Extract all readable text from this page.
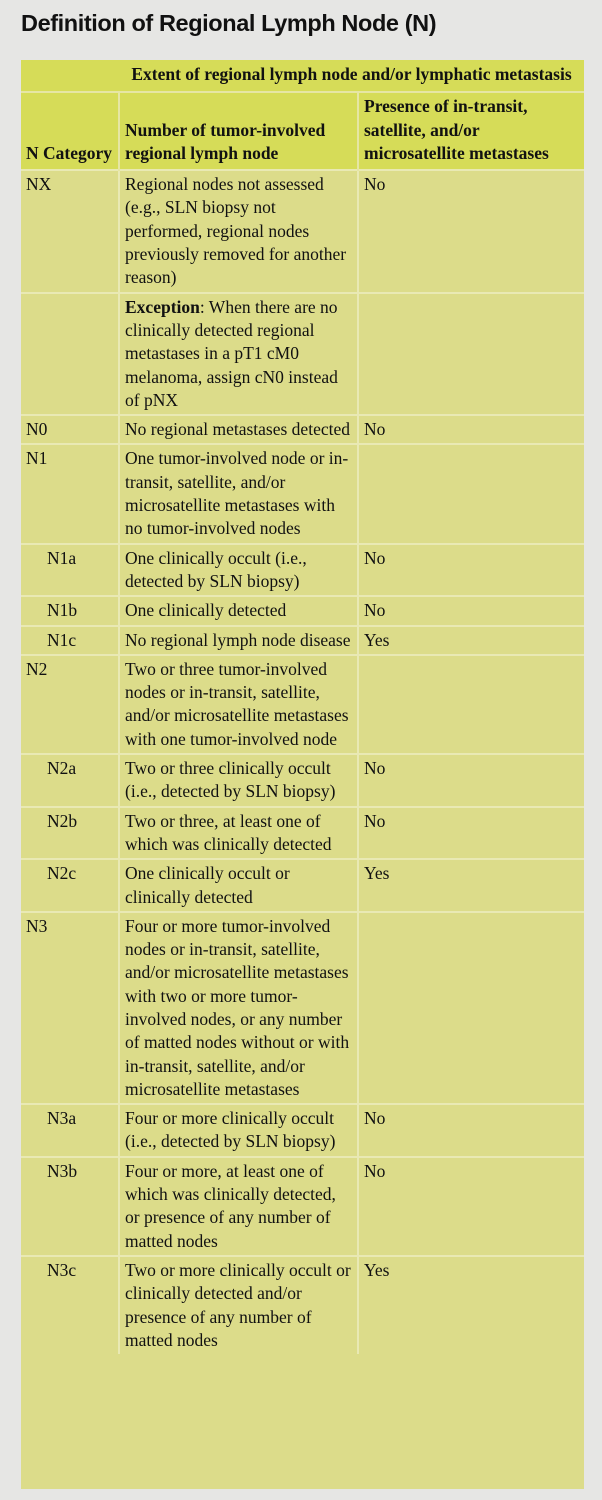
Definition of Regional Lymph Node (N)
	Extent of regional lymph node and/or lymphatic metastasis	
N Category	Number of tumor-involved regional lymph node	Presence of in-transit, satellite, and/or microsatellite metastases
NX	Regional nodes not assessed (e.g., SLN biopsy not performed, regional nodes previously removed for another reason)	No
	Exception: When there are no clinically detected regional metastases in a pT1 cM0 melanoma, assign cN0 instead of pNX	
N0	No regional metastases detected	No
N1	One tumor-involved node or in-transit, satellite, and/or microsatellite metastases with no tumor-involved nodes	
N1a	One clinically occult (i.e., detected by SLN biopsy)	No
N1b	One clinically detected	No
N1c	No regional lymph node disease	Yes
N2	Two or three tumor-involved nodes or in-transit, satellite, and/or microsatellite metastases with one tumor-involved node	
N2a	Two or three clinically occult (i.e., detected by SLN biopsy)	No
N2b	Two or three, at least one of which was clinically detected	No
N2c	One clinically occult or clinically detected	Yes
N3	Four or more tumor-involved nodes or in-transit, satellite, and/or microsatellite metastases with two or more tumor-involved nodes, or any number of matted nodes without or with in-transit, satellite, and/or microsatellite metastases	
N3a	Four or more clinically occult (i.e., detected by SLN biopsy)	No
N3b	Four or more, at least one of which was clinically detected, or presence of any number of matted nodes	No
N3c	Two or more clinically occult or clinically detected and/or presence of any number of matted nodes	Yes
